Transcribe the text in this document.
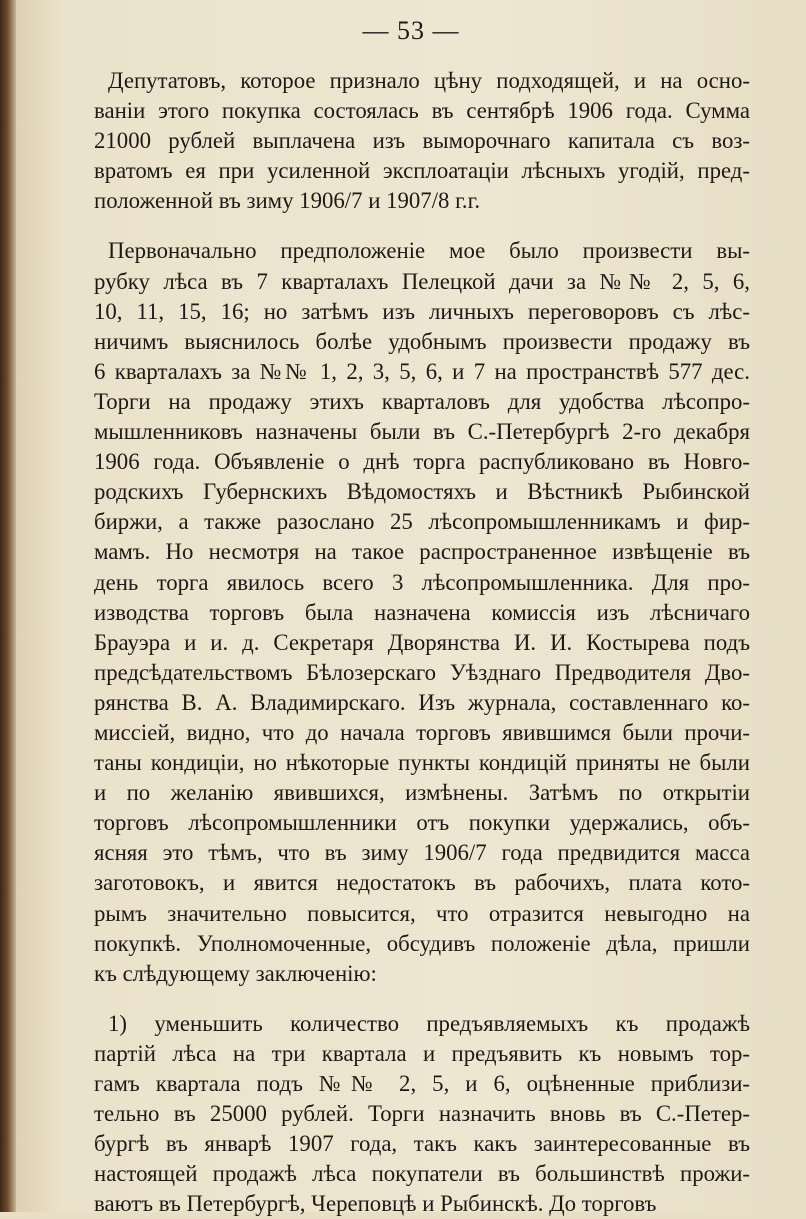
— 53 —
Депутатовъ, которое признало цѣну подходящей, и на осно-
ваніи этого покупка состоялась въ сентябрѣ 1906 года. Сумма
21000 рублей выплачена изъ выморочнаго капитала съ воз-
вратомъ ея при усиленной эксплоатаціи лѣсныхъ угодій, пред-
положенной въ зиму 1906/7 и 1907/8 г.г.
Первоначально предположеніе мое было произвести вы-
рубку лѣса въ 7 кварталахъ Пелецкой дачи за №№ 2, 5, 6,
10, 11, 15, 16; но затѣмъ изъ личныхъ переговоровъ съ лѣс-
ничимъ выяснилось болѣе удобнымъ произвести продажу въ
6 кварталахъ за №№ 1, 2, 3, 5, 6, и 7 на пространствѣ 577 дес.
Торги на продажу этихъ кварталовъ для удобства лѣсопро-
мышленниковъ назначены были въ С.-Петербургѣ 2-го декабря
1906 года. Объявленіе о днѣ торга распубликовано въ Новго-
родскихъ Губернскихъ Вѣдомостяхъ и Вѣстникѣ Рыбинской
биржи, а также разослано 25 лѣсопромышленникамъ и фир-
мамъ. Но несмотря на такое распространенное извѣщеніе въ
день торга явилось всего 3 лѣсопромышленника. Для про-
изводства торговъ была назначена комиссія изъ лѣсничаго
Брауэра и и. д. Секретаря Дворянства И. И. Костырева подъ
предсѣдательствомъ Бѣлозерскаго Уѣзднаго Предводителя Дво-
рянства В. А. Владимирскаго. Изъ журнала, составленнаго ко-
миссіей, видно, что до начала торговъ явившимся были прочи-
таны кондиціи, но нѣкоторые пункты кондицій приняты не были
и по желанію явившихся, измѣнены. Затѣмъ по открытіи
торговъ лѣсопромышленники отъ покупки удержались, объ-
ясняя это тѣмъ, что въ зиму 1906/7 года предвидится масса
заготовокъ, и явится недостатокъ въ рабочихъ, плата кото-
рымъ значительно повысится, что отразится невыгодно на
покупкѣ. Уполномоченные, обсудивъ положеніе дѣла, пришли
къ слѣдующему заключенію:
1) уменьшить количество предъявляемыхъ къ продажѣ
партій лѣса на три квартала и предъявить къ новымъ тор-
гамъ квартала подъ №№ 2, 5, и 6, оцѣненные приблизи-
тельно въ 25000 рублей. Торги назначить вновь въ С.-Петер-
бургѣ въ январѣ 1907 года, такъ какъ заинтересованные въ
настоящей продажѣ лѣса покупатели въ большинствѣ прожи-
ваютъ въ Петербургѣ, Череповцѣ и Рыбинскѣ. До торговъ
